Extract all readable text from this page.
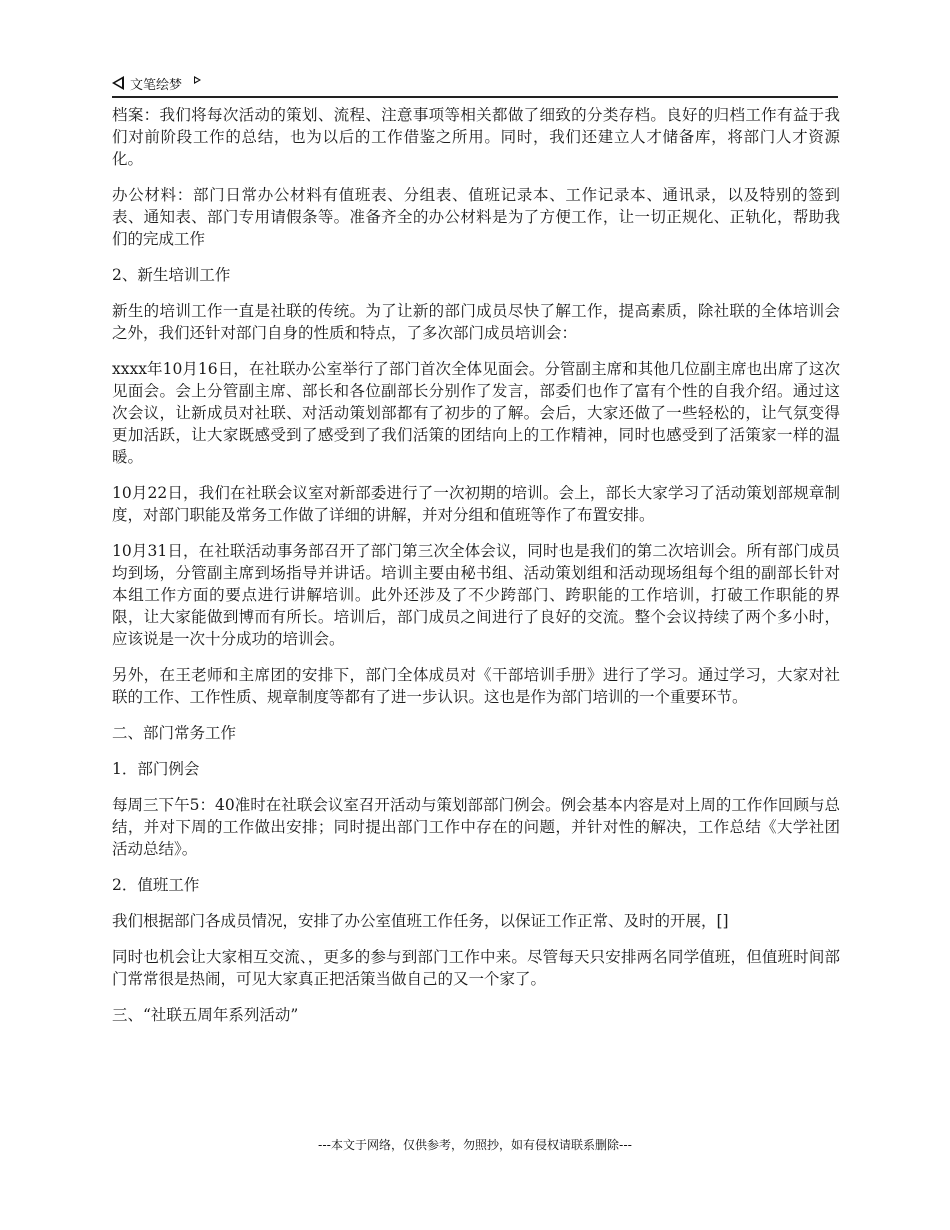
文笔绘梦

档案：我们将每次活动的策划、流程、注意事项等相关都做了细致的分类存档。良好的归档工作有益于我们对前阶段工作的总结，也为以后的工作借鉴之所用。同时，我们还建立人才储备库，将部门人才资源化。

办公材料：部门日常办公材料有值班表、分组表、值班记录本、工作记录本、通讯录，以及特别的签到表、通知表、部门专用请假条等。准备齐全的办公材料是为了方便工作，让一切正规化、正轨化，帮助我们的完成工作

2、新生培训工作

新生的培训工作一直是社联的传统。为了让新的部门成员尽快了解工作，提高素质，除社联的全体培训会之外，我们还针对部门自身的性质和特点，了多次部门成员培训会：

xxxx年10月16日，在社联办公室举行了部门首次全体见面会。分管副主席和其他几位副主席也出席了这次见面会。会上分管副主席、部长和各位副部长分别作了发言，部委们也作了富有个性的自我介绍。通过这次会议，让新成员对社联、对活动策划部都有了初步的了解。会后，大家还做了一些轻松的，让气氛变得更加活跃，让大家既感受到了感受到了我们活策的团结向上的工作精神，同时也感受到了活策家一样的温暖。

10月22日，我们在社联会议室对新部委进行了一次初期的培训。会上，部长大家学习了活动策划部规章制度，对部门职能及常务工作做了详细的讲解，并对分组和值班等作了布置安排。

10月31日，在社联活动事务部召开了部门第三次全体会议，同时也是我们的第二次培训会。所有部门成员均到场，分管副主席到场指导并讲话。培训主要由秘书组、活动策划组和活动现场组每个组的副部长针对本组工作方面的要点进行讲解培训。此外还涉及了不少跨部门、跨职能的工作培训，打破工作职能的界限，让大家能做到博而有所长。培训后，部门成员之间进行了良好的交流。整个会议持续了两个多小时，应该说是一次十分成功的培训会。

另外，在王老师和主席团的安排下，部门全体成员对《干部培训手册》进行了学习。通过学习，大家对社联的工作、工作性质、规章制度等都有了进一步认识。这也是作为部门培训的一个重要环节。

二、部门常务工作

1．部门例会

每周三下午5：40准时在社联会议室召开活动与策划部部门例会。例会基本内容是对上周的工作作回顾与总结，并对下周的工作做出安排；同时提出部门工作中存在的问题，并针对性的解决，工作总结《大学社团活动总结》。

2．值班工作

我们根据部门各成员情况，安排了办公室值班工作任务，以保证工作正常、及时的开展，[]

同时也机会让大家相互交流、，更多的参与到部门工作中来。尽管每天只安排两名同学值班，但值班时间部门常常很是热闹，可见大家真正把活策当做自己的又一个家了。

三、“社联五周年系列活动”

---本文于网络，仅供参考，勿照抄，如有侵权请联系删除---
